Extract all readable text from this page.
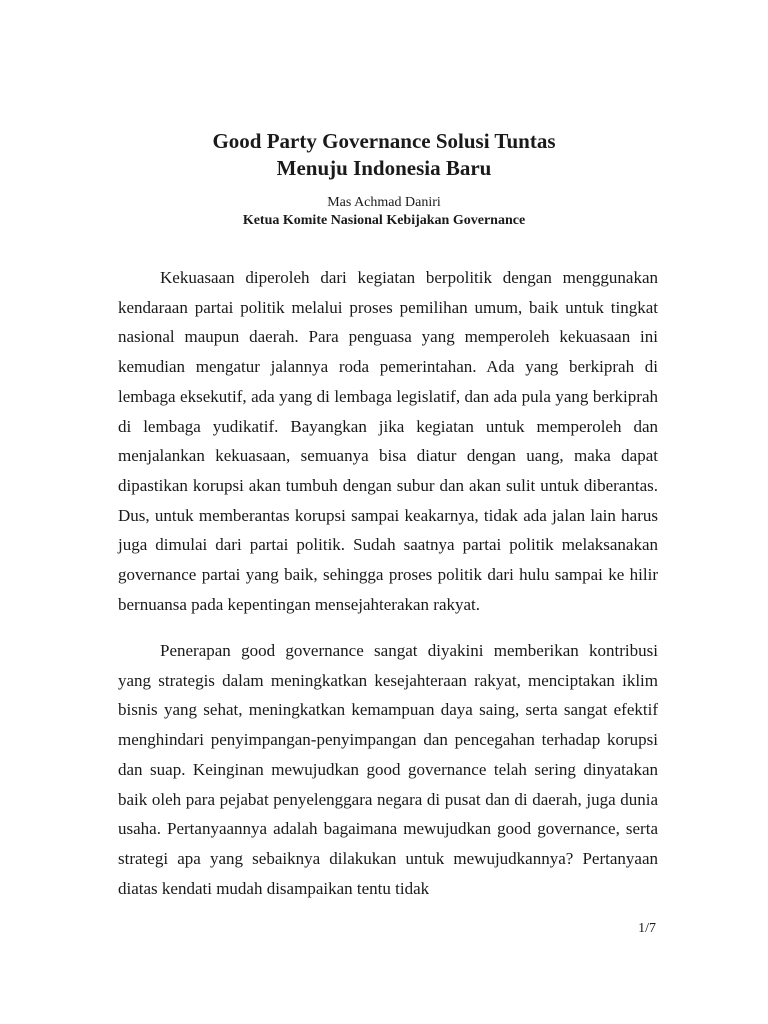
Good Party Governance Solusi Tuntas

Menuju Indonesia Baru

Mas Achmad Daniri

Ketua Komite Nasional Kebijakan Governance

Kekuasaan diperoleh dari kegiatan berpolitik dengan menggunakan kendaraan partai politik melalui proses pemilihan umum, baik untuk tingkat nasional maupun daerah. Para penguasa yang memperoleh kekuasaan ini kemudian mengatur jalannya roda pemerintahan. Ada yang berkiprah di lembaga eksekutif, ada yang di lembaga legislatif, dan ada pula yang berkiprah di lembaga yudikatif. Bayangkan jika kegiatan untuk memperoleh dan menjalankan kekuasaan, semuanya bisa diatur dengan uang, maka dapat dipastikan korupsi akan tumbuh dengan subur dan akan sulit untuk diberantas. Dus, untuk memberantas korupsi sampai keakarnya, tidak ada jalan lain harus juga dimulai dari partai politik. Sudah saatnya partai politik melaksanakan governance partai yang baik, sehingga proses politik dari hulu sampai ke hilir bernuansa pada kepentingan mensejahterakan rakyat.

Penerapan good governance sangat diyakini memberikan kontribusi yang strategis dalam meningkatkan kesejahteraan rakyat, menciptakan iklim bisnis yang sehat, meningkatkan kemampuan daya saing, serta sangat efektif menghindari penyimpangan-penyimpangan dan pencegahan terhadap korupsi dan suap. Keinginan mewujudkan good governance telah sering dinyatakan baik oleh para pejabat penyelenggara negara di pusat dan di daerah, juga dunia usaha. Pertanyaannya adalah bagaimana mewujudkan good governance, serta strategi apa yang sebaiknya dilakukan untuk mewujudkannya? Pertanyaan diatas kendati mudah disampaikan tentu tidak

1/7
